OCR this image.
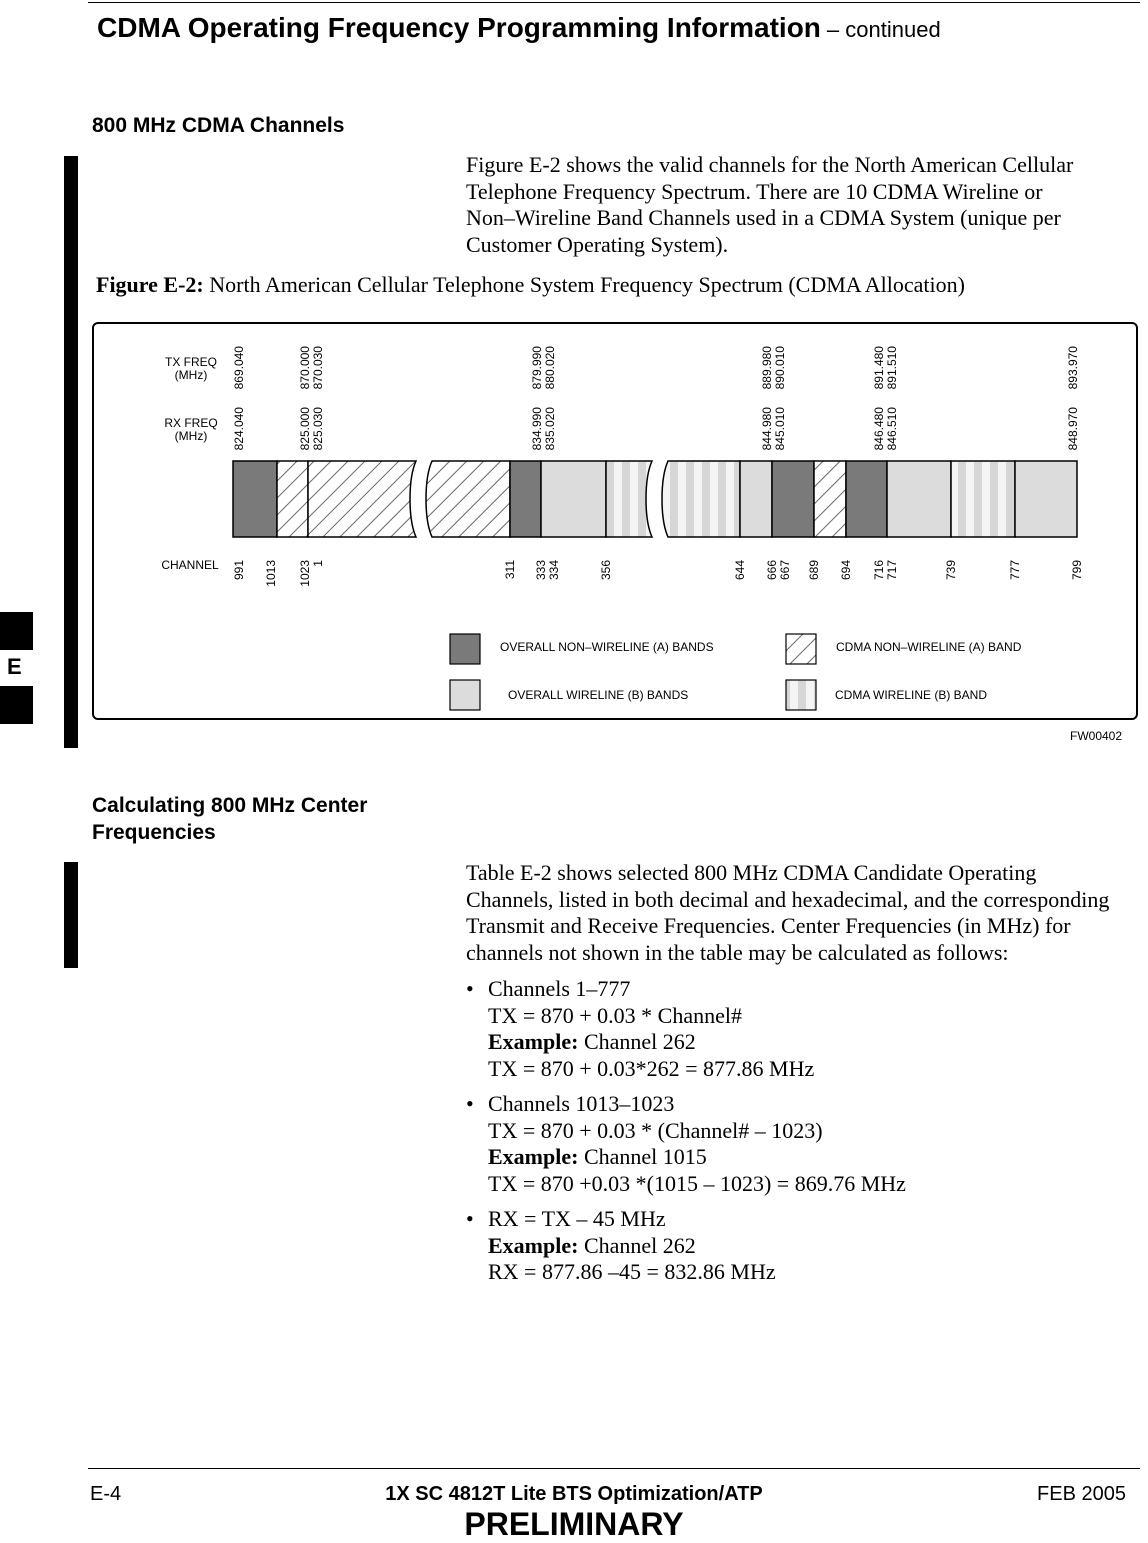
CDMA Operating Frequency Programming Information – continued
800 MHz CDMA Channels
Figure E-2 shows the valid channels for the North American Cellular
Telephone Frequency Spectrum. There are 10 CDMA Wireline or
Non–Wireline Band Channels used in a CDMA System (unique per
Customer Operating System).
Figure E-2: North American Cellular Telephone System Frequency Spectrum (CDMA Allocation)
TX FREQ
(MHz)
RX FREQ
(MHz)
CHANNEL
869.040	870.000 870.030	879.990 880.020	889.980 890.010	891.480 891.510	893.970
824.040	825.000 825.030	834.990 835.020	844.980 845.010	846.480 846.510	848.970
991 1013 1023 1	311 333 334	356	644 666 667 689 694 716 717	739	777	799
OVERALL NON–WIRELINE (A) BANDS
OVERALL WIRELINE (B) BANDS
CDMA NON–WIRELINE (A) BAND
CDMA WIRELINE (B) BAND
FW00402
E
Calculating 800 MHz Center
Frequencies
Table E-2 shows selected 800 MHz CDMA Candidate Operating
Channels, listed in both decimal and hexadecimal, and the corresponding
Transmit and Receive Frequencies. Center Frequencies (in MHz) for
channels not shown in the table may be calculated as follows:
• Channels 1–777
TX = 870 + 0.03 * Channel#
Example: Channel 262
TX = 870 + 0.03*262 = 877.86 MHz
• Channels 1013–1023
TX = 870 + 0.03 * (Channel# – 1023)
Example: Channel 1015
TX = 870 +0.03 *(1015 – 1023) = 869.76 MHz
• RX = TX – 45 MHz
Example: Channel 262
RX = 877.86 –45 = 832.86 MHz
E-4	1X SC 4812T Lite BTS Optimization/ATP	FEB 2005
PRELIMINARY
